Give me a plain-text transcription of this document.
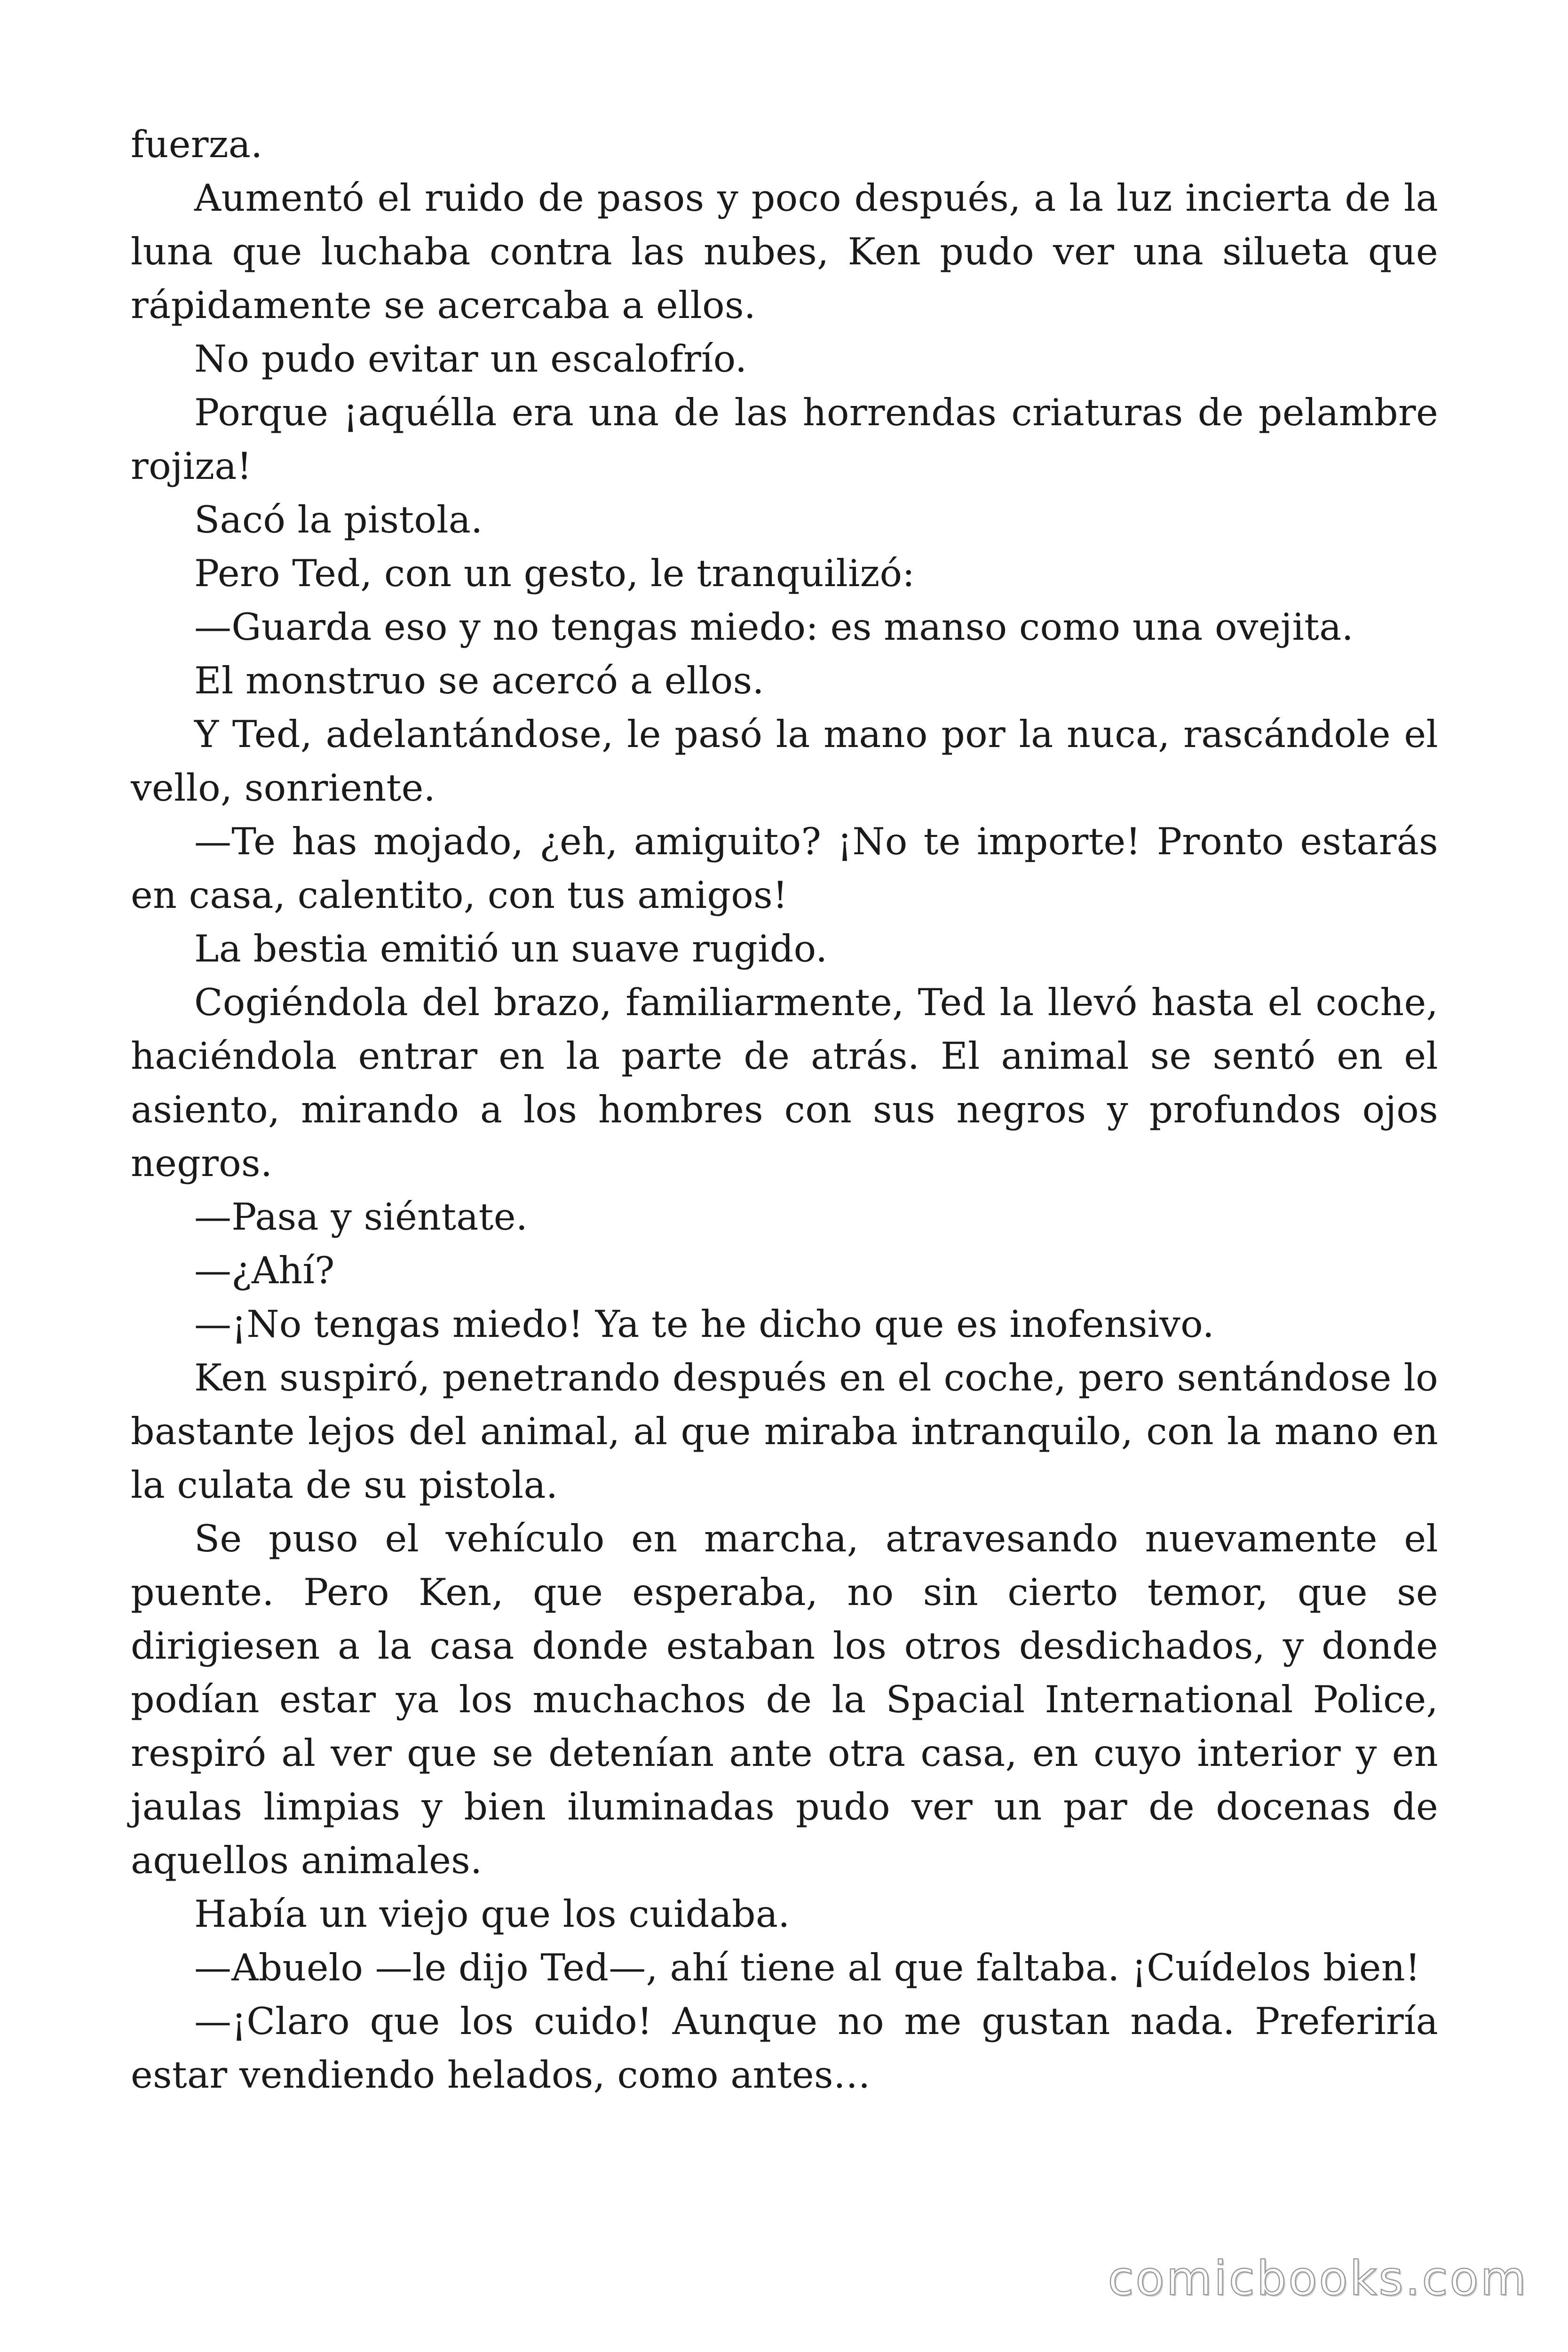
fuerza.

Aumentó el ruido de pasos y poco después, a la luz incierta de la luna que luchaba contra las nubes, Ken pudo ver una silueta que rápidamente se acercaba a ellos.

No pudo evitar un escalofrío.

Porque ¡aquélla era una de las horrendas criaturas de pelambre rojiza!

Sacó la pistola.

Pero Ted, con un gesto, le tranquilizó:

—Guarda eso y no tengas miedo: es manso como una ovejita.

El monstruo se acercó a ellos.

Y Ted, adelantándose, le pasó la mano por la nuca, rascándole el vello, sonriente.

—Te has mojado, ¿eh, amiguito? ¡No te importe! Pronto estarás en casa, calentito, con tus amigos!

La bestia emitió un suave rugido.

Cogiéndola del brazo, familiarmente, Ted la llevó hasta el coche, haciéndola entrar en la parte de atrás. El animal se sentó en el asiento, mirando a los hombres con sus negros y profundos ojos negros.

—Pasa y siéntate.

—¿Ahí?

—¡No tengas miedo! Ya te he dicho que es inofensivo.

Ken suspiró, penetrando después en el coche, pero sentándose lo bastante lejos del animal, al que miraba intranquilo, con la mano en la culata de su pistola.

Se puso el vehículo en marcha, atravesando nuevamente el puente. Pero Ken, que esperaba, no sin cierto temor, que se dirigiesen a la casa donde estaban los otros desdichados, y donde podían estar ya los muchachos de la Spacial International Police, respiró al ver que se detenían ante otra casa, en cuyo interior y en jaulas limpias y bien iluminadas pudo ver un par de docenas de aquellos animales.

Había un viejo que los cuidaba.

—Abuelo —le dijo Ted—, ahí tiene al que faltaba. ¡Cuídelos bien!

—¡Claro que los cuido! Aunque no me gustan nada. Preferiría estar vendiendo helados, como antes…

comicbooks.com
